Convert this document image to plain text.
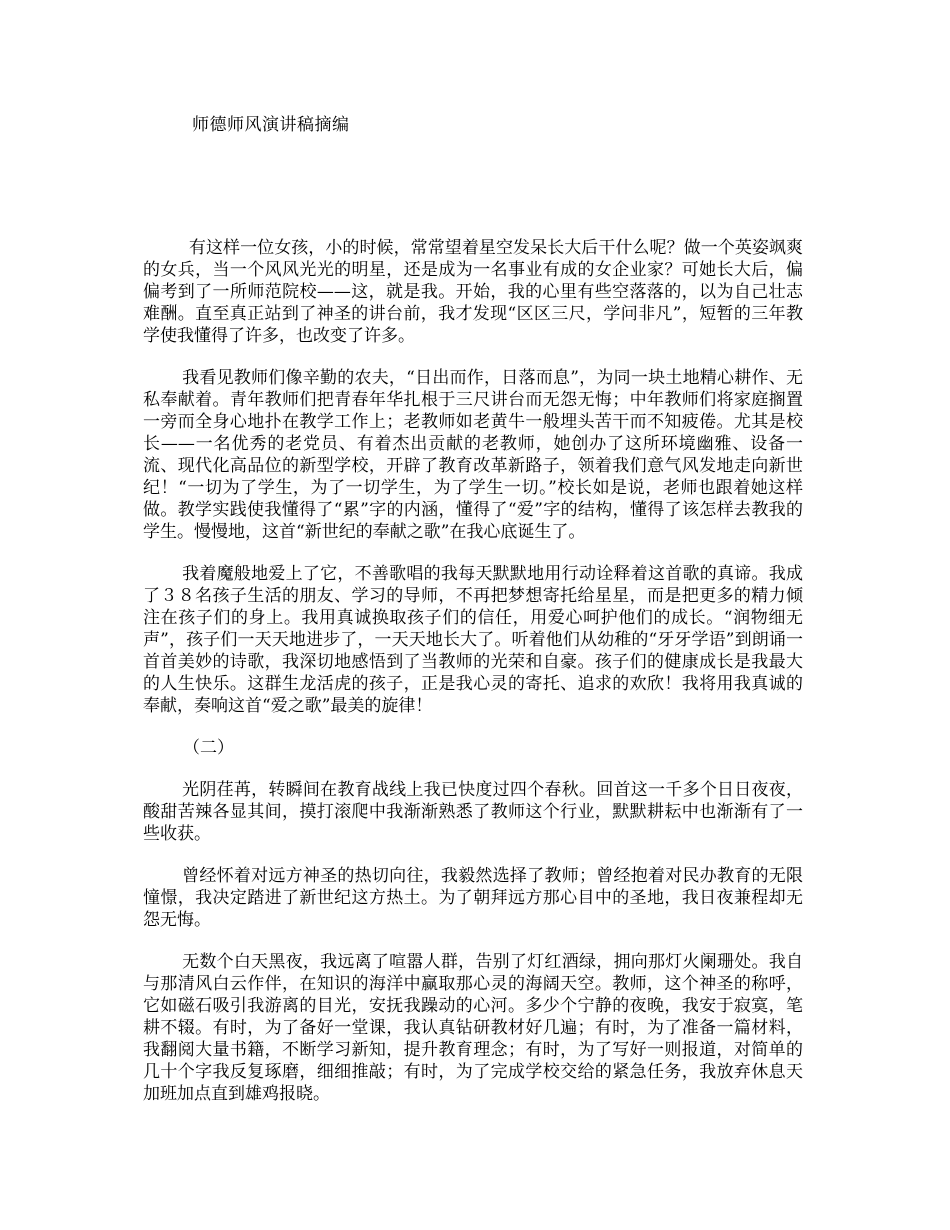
师德师风演讲稿摘编

有这样一位女孩，小的时候，常常望着星空发呆长大后干什么呢？做一个英姿飒爽的女兵，当一个风风光光的明星，还是成为一名事业有成的女企业家？可她长大后，偏偏考到了一所师范院校——这，就是我。开始，我的心里有些空落落的，以为自己壮志难酬。直至真正站到了神圣的讲台前，我才发现“区区三尺，学问非凡”，短暂的三年教学使我懂得了许多，也改变了许多。

我看见教师们像辛勤的农夫，“日出而作，日落而息”，为同一块土地精心耕作、无私奉献着。青年教师们把青春年华扎根于三尺讲台而无怨无悔；中年教师们将家庭搁置一旁而全身心地扑在教学工作上；老教师如老黄牛一般埋头苦干而不知疲倦。尤其是校长——一名优秀的老党员、有着杰出贡献的老教师，她创办了这所环境幽雅、设备一流、现代化高品位的新型学校，开辟了教育改革新路子，领着我们意气风发地走向新世纪！“一切为了学生，为了一切学生，为了学生一切。”校长如是说，老师也跟着她这样做。教学实践使我懂得了“累”字的内涵，懂得了“爱”字的结构，懂得了该怎样去教我的学生。慢慢地，这首“新世纪的奉献之歌”在我心底诞生了。

我着魔般地爱上了它，不善歌唱的我每天默默地用行动诠释着这首歌的真谛。我成了３８名孩子生活的朋友、学习的导师，不再把梦想寄托给星星，而是把更多的精力倾注在孩子们的身上。我用真诚换取孩子们的信任，用爱心呵护他们的成长。“润物细无声”，孩子们一天天地进步了，一天天地长大了。听着他们从幼稚的“牙牙学语”到朗诵一首首美妙的诗歌，我深切地感悟到了当教师的光荣和自豪。孩子们的健康成长是我最大的人生快乐。这群生龙活虎的孩子，正是我心灵的寄托、追求的欢欣！我将用我真诚的奉献，奏响这首“爱之歌”最美的旋律！

（二）

光阴荏苒，转瞬间在教育战线上我已快度过四个春秋。回首这一千多个日日夜夜，酸甜苦辣各显其间，摸打滚爬中我渐渐熟悉了教师这个行业，默默耕耘中也渐渐有了一些收获。

曾经怀着对远方神圣的热切向往，我毅然选择了教师；曾经抱着对民办教育的无限憧憬，我决定踏进了新世纪这方热土。为了朝拜远方那心目中的圣地，我日夜兼程却无怨无悔。

无数个白天黑夜，我远离了喧嚣人群，告别了灯红酒绿，拥向那灯火阑珊处。我自与那清风白云作伴，在知识的海洋中赢取那心灵的海阔天空。教师，这个神圣的称呼，它如磁石吸引我游离的目光，安抚我躁动的心河。多少个宁静的夜晚，我安于寂寞，笔耕不辍。有时，为了备好一堂课，我认真钻研教材好几遍；有时，为了准备一篇材料，我翻阅大量书籍，不断学习新知，提升教育理念；有时，为了写好一则报道，对简单的几十个字我反复琢磨，细细推敲；有时，为了完成学校交给的紧急任务，我放弃休息天加班加点直到雄鸡报晓。
